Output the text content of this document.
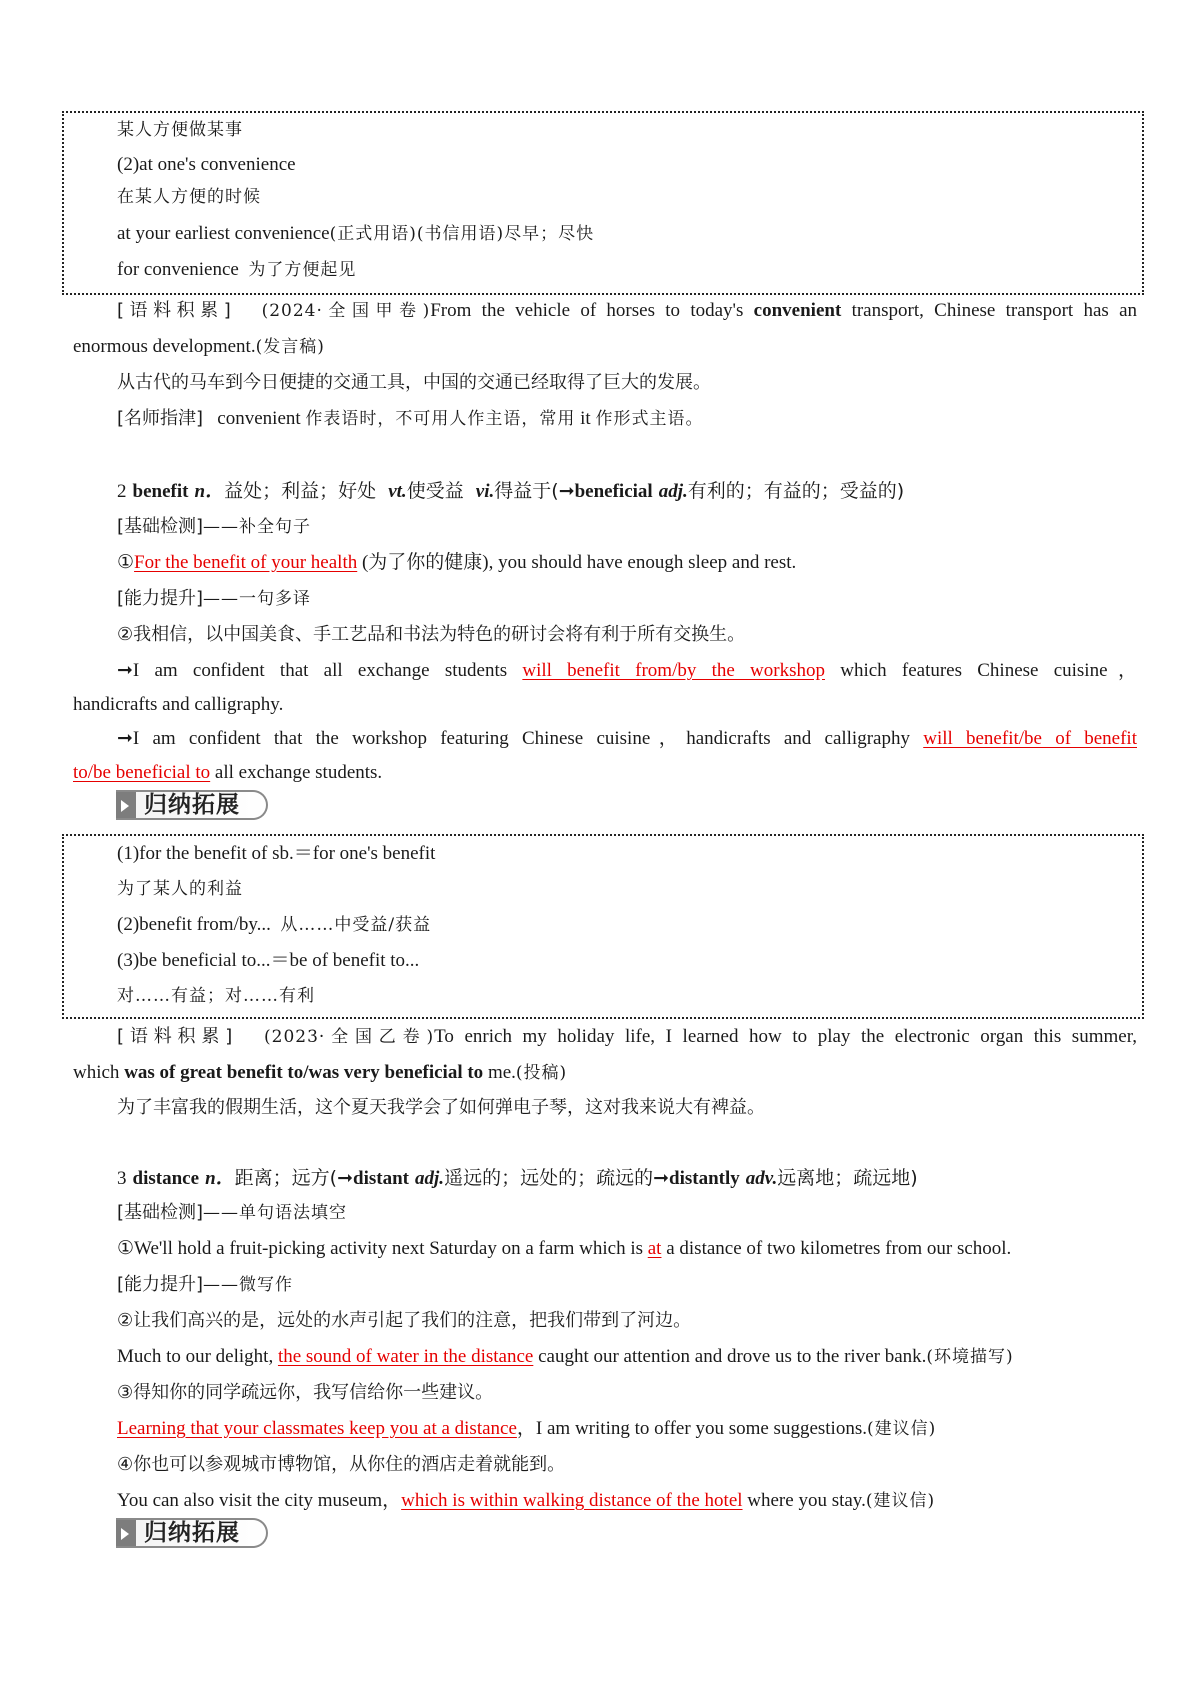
某人方便做某事
(2)at one's convenience
在某人方便的时候
at your earliest convenience(正式用语)(书信用语)尽早；尽快
for convenience 为了方便起见
[语料积累] (2024·全国甲卷)From the vehicle of horses to today's convenient transport, Chinese transport has an
enormous development.(发言稿)
从古代的马车到今日便捷的交通工具，中国的交通已经取得了巨大的发展。
[名师指津] convenient 作表语时，不可用人作主语，常用 it 作形式主语。
2 benefit n．益处；利益；好处 vt.使受益 vi.得益于(➞beneficial adj.有利的；有益的；受益的)
[基础检测]——补全句子
①For the benefit of your health (为了你的健康), you should have enough sleep and rest.
[能力提升]——一句多译
②我相信，以中国美食、手工艺品和书法为特色的研讨会将有利于所有交换生。
➞I am confident that all exchange students will benefit from/by the workshop which features Chinese cuisine，
handicrafts and calligraphy.
➞I am confident that the workshop featuring Chinese cuisine，handicrafts and calligraphy will benefit/be of benefit
to/be beneficial to all exchange students.
归纳拓展
(1)for the benefit of sb.＝for one's benefit
为了某人的利益
(2)benefit from/by... 从……中受益/获益
(3)be beneficial to...＝be of benefit to...
对……有益；对……有利
[语料积累] (2023·全国乙卷)To enrich my holiday life, I learned how to play the electronic organ this summer,
which was of great benefit to/was very beneficial to me.(投稿)
为了丰富我的假期生活，这个夏天我学会了如何弹电子琴，这对我来说大有裨益。
3 distance n．距离；远方(➞distant adj.遥远的；远处的；疏远的➞distantly adv.远离地；疏远地)
[基础检测]——单句语法填空
①We'll hold a fruit-picking activity next Saturday on a farm which is at a distance of two kilometres from our school.
[能力提升]——微写作
②让我们高兴的是，远处的水声引起了我们的注意，把我们带到了河边。
Much to our delight, the sound of water in the distance caught our attention and drove us to the river bank.(环境描写)
③得知你的同学疏远你，我写信给你一些建议。
Learning that your classmates keep you at a distance，I am writing to offer you some suggestions.(建议信)
④你也可以参观城市博物馆，从你住的酒店走着就能到。
You can also visit the city museum，which is within walking distance of the hotel where you stay.(建议信)
归纳拓展
